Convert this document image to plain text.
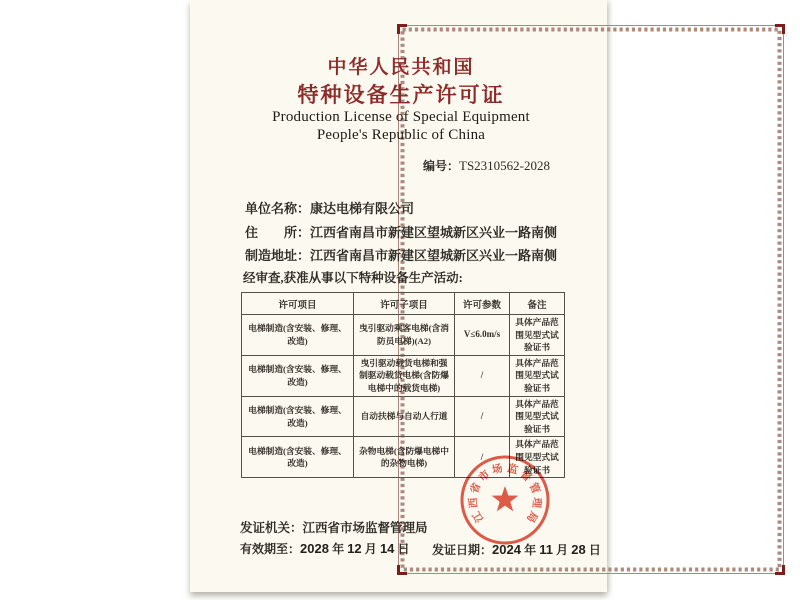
中华人民共和国
特种设备生产许可证
Production License of Special Equipment
People's Republic of China
编号：TS2310562-2028
单位名称：康达电梯有限公司
住　　所：江西省南昌市新建区望城新区兴业一路南侧
制造地址：江西省南昌市新建区望城新区兴业一路南侧
经审查,获准从事以下特种设备生产活动:
许可项目	许可子项目	许可参数	备注
电梯制造(含安装、修理、改造)	曳引驱动乘客电梯(含消防员电梯)(A2)	V≤6.0m/s	具体产品范围见型式试验证书
电梯制造(含安装、修理、改造)	曳引驱动载货电梯和强制驱动载货电梯(含防爆电梯中的载货电梯)	/	具体产品范围见型式试验证书
电梯制造(含安装、修理、改造)	自动扶梯与自动人行道	/	具体产品范围见型式试验证书
电梯制造(含安装、修理、改造)	杂物电梯(含防爆电梯中的杂物电梯)	/	具体产品范围见型式试验证书
发证机关：江西省市场监督管理局
有效期至：2028 年 12 月 14 日 发证日期：2024 年 11 月 28 日
江
西
省
市
场 监
督
管
理
局
